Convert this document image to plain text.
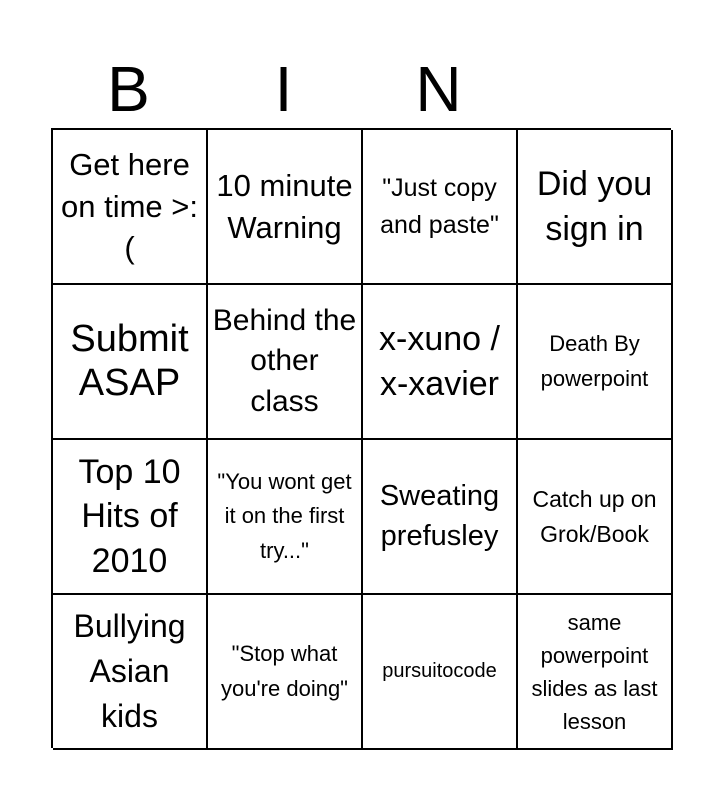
B	I	N
Get here on time >:(
10 minute Warning
"Just copy and paste"
Did you sign in
Submit ASAP
Behind the other class
x-xuno / x-xavier
Death By powerpoint
Top 10 Hits of 2010
"You wont get it on the first try..."
Sweating prefusley
Catch up on Grok/Book
Bullying Asian kids
"Stop what you're doing"
pursuitocode
same powerpoint slides as last lesson
